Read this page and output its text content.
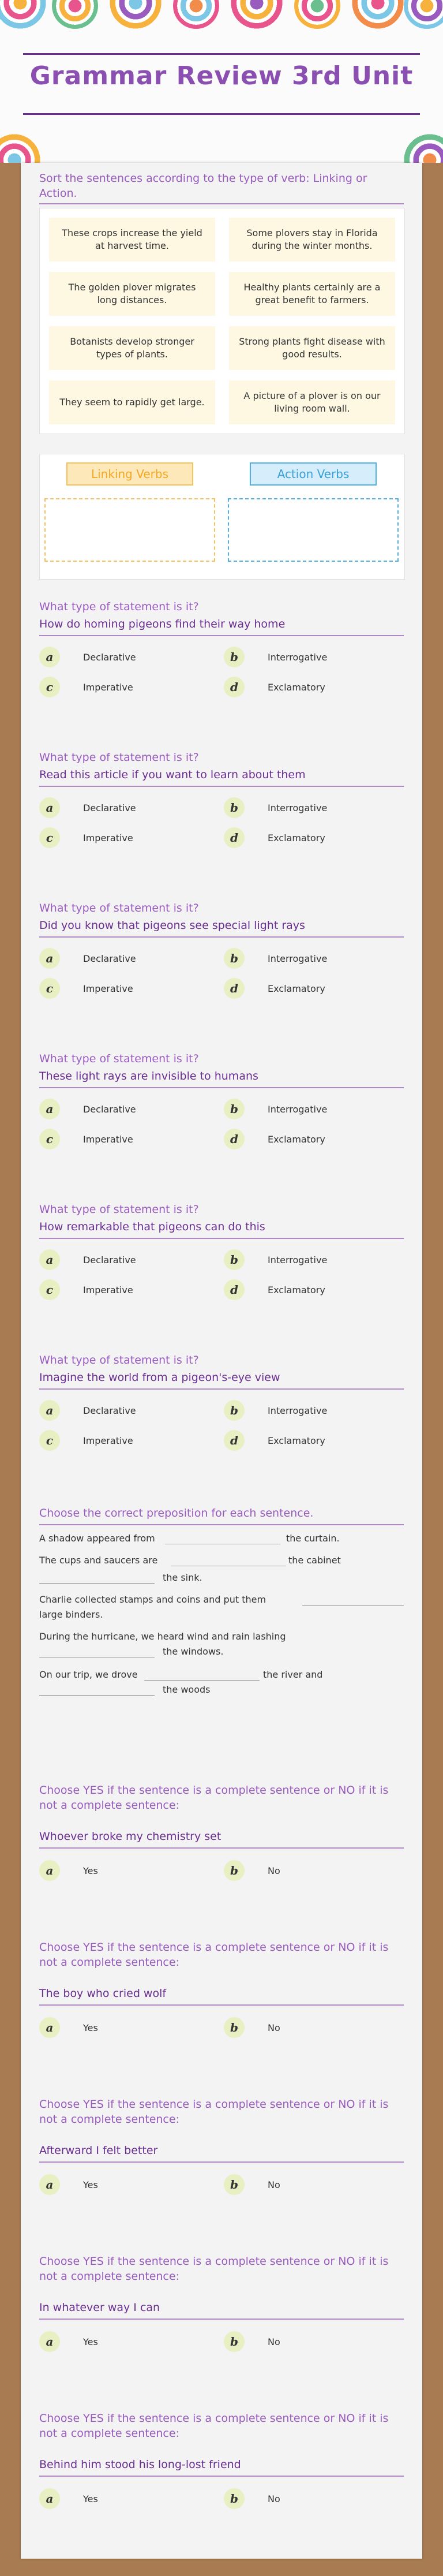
Grammar Review 3rd Unit
Sort the sentences according to the type of verb: Linking or Action.
These crops increase the yield at harvest time.
Some plovers stay in Florida during the winter months.
The golden plover migrates long distances.
Healthy plants certainly are a great benefit to farmers.
Botanists develop stronger types of plants.
Strong plants fight disease with good results.
They seem to rapidly get large.
A picture of a plover is on our living room wall.
Linking Verbs	Action Verbs
What type of statement is it?
How do homing pigeons find their way home
a	Declarative	b	Interrogative
c	Imperative	d	Exclamatory
What type of statement is it?
Read this article if you want to learn about them
a	Declarative	b	Interrogative
c	Imperative	d	Exclamatory
What type of statement is it?
Did you know that pigeons see special light rays
a	Declarative	b	Interrogative
c	Imperative	d	Exclamatory
What type of statement is it?
These light rays are invisible to humans
a	Declarative	b	Interrogative
c	Imperative	d	Exclamatory
What type of statement is it?
How remarkable that pigeons can do this
a	Declarative	b	Interrogative
c	Imperative	d	Exclamatory
What type of statement is it?
Imagine the world from a pigeon's-eye view
a	Declarative	b	Interrogative
c	Imperative	d	Exclamatory
Choose the correct preposition for each sentence.
A shadow appeared from	the curtain.
The cups and saucers are	the cabinet
the sink.
Charlie collected stamps and coins and put them
large binders.
During the hurricane, we heard wind and rain lashing
the windows.
On our trip, we drove	the river and
the woods
Choose YES if the sentence is a complete sentence or NO if it is not a complete sentence:
Whoever broke my chemistry set
a	Yes	b	No
Choose YES if the sentence is a complete sentence or NO if it is not a complete sentence:
The boy who cried wolf
a	Yes	b	No
Choose YES if the sentence is a complete sentence or NO if it is not a complete sentence:
Afterward I felt better
a	Yes	b	No
Choose YES if the sentence is a complete sentence or NO if it is not a complete sentence:
In whatever way I can
a	Yes	b	No
Choose YES if the sentence is a complete sentence or NO if it is not a complete sentence:
Behind him stood his long-lost friend
a	Yes	b	No
